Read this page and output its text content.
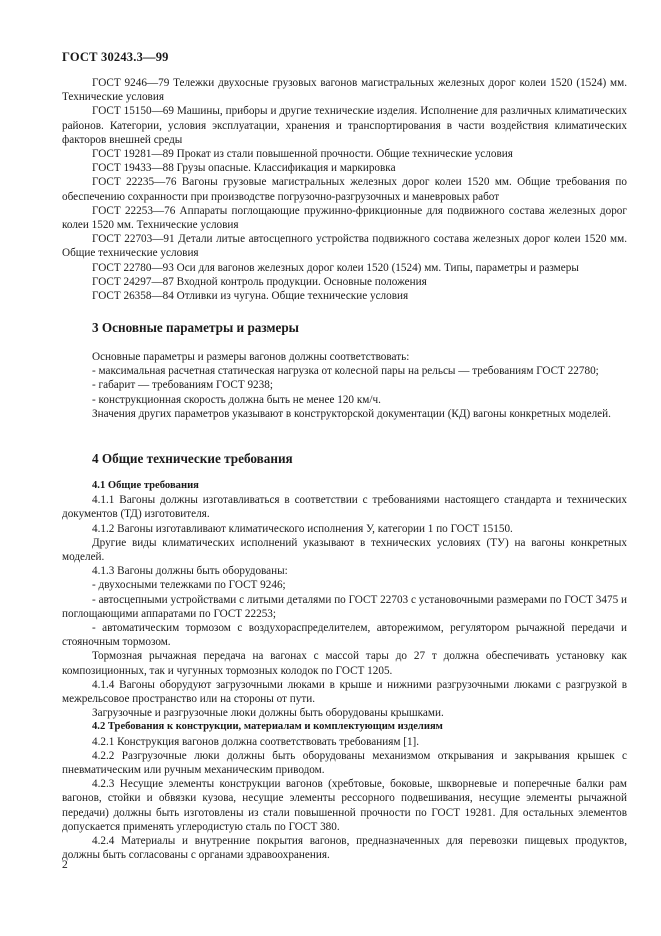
ГОСТ 30243.3—99

ГОСТ 9246—79 Тележки двухосные грузовых вагонов магистральных железных дорог колеи 1520 (1524) мм. Технические условия

ГОСТ 15150—69 Машины, приборы и другие технические изделия. Исполнение для различных климатических районов. Категории, условия эксплуатации, хранения и транспортирования в части воздействия климатических факторов внешней среды

ГОСТ 19281—89 Прокат из стали повышенной прочности. Общие технические условия

ГОСТ 19433—88 Грузы опасные. Классификация и маркировка

ГОСТ 22235—76 Вагоны грузовые магистральных железных дорог колеи 1520 мм. Общие требования по обеспечению сохранности при производстве погрузочно-разгрузочных и маневровых работ

ГОСТ 22253—76 Аппараты поглощающие пружинно-фрикционные для подвижного состава железных дорог колеи 1520 мм. Технические условия

ГОСТ 22703—91 Детали литые автосцепного устройства подвижного состава железных дорог колеи 1520 мм. Общие технические условия

ГОСТ 22780—93 Оси для вагонов железных дорог колеи 1520 (1524) мм. Типы, параметры и размеры

ГОСТ 24297—87 Входной контроль продукции. Основные положения

ГОСТ 26358—84 Отливки из чугуна. Общие технические условия

3 Основные параметры и размеры

Основные параметры и размеры вагонов должны соответствовать:

- максимальная расчетная статическая нагрузка от колесной пары на рельсы — требованиям ГОСТ 22780;

- габарит — требованиям ГОСТ 9238;

- конструкционная скорость должна быть не менее 120 км/ч.

Значения других параметров указывают в конструкторской документации (КД) вагоны конкретных моделей.

4 Общие технические требования

4.1 Общие требования

4.1.1 Вагоны должны изготавливаться в соответствии с требованиями настоящего стандарта и технических документов (ТД) изготовителя.

4.1.2 Вагоны изготавливают климатического исполнения У, категории 1 по ГОСТ 15150.

Другие виды климатических исполнений указывают в технических условиях (ТУ) на вагоны конкретных моделей.

4.1.3 Вагоны должны быть оборудованы:

- двухосными тележками по ГОСТ 9246;

- автосцепными устройствами с литыми деталями по ГОСТ 22703 с установочными размерами по ГОСТ 3475 и поглощающими аппаратами по ГОСТ 22253;

- автоматическим тормозом с воздухораспределителем, авторежимом, регулятором рычажной передачи и стояночным тормозом.

Тормозная рычажная передача на вагонах с массой тары до 27 т должна обеспечивать установку как композиционных, так и чугунных тормозных колодок по ГОСТ 1205.

4.1.4 Вагоны оборудуют загрузочными люками в крыше и нижними разгрузочными люками с разгрузкой в межрельсовое пространство или на стороны от пути.

Загрузочные и разгрузочные люки должны быть оборудованы крышками.

4.2 Требования к конструкции, материалам и комплектующим изделиям

4.2.1 Конструкция вагонов должна соответствовать требованиям [1].

4.2.2 Разгрузочные люки должны быть оборудованы механизмом открывания и закрывания крышек с пневматическим или ручным механическим приводом.

4.2.3 Несущие элементы конструкции вагонов (хребтовые, боковые, шкворневые и поперечные балки рам вагонов, стойки и обвязки кузова, несущие элементы рессорного подвешивания, несущие элементы рычажной передачи) должны быть изготовлены из стали повышенной прочности по ГОСТ 19281. Для остальных элементов допускается применять углеродистую сталь по ГОСТ 380.

4.2.4 Материалы и внутренние покрытия вагонов, предназначенных для перевозки пищевых продуктов, должны быть согласованы с органами здравоохранения.

2
